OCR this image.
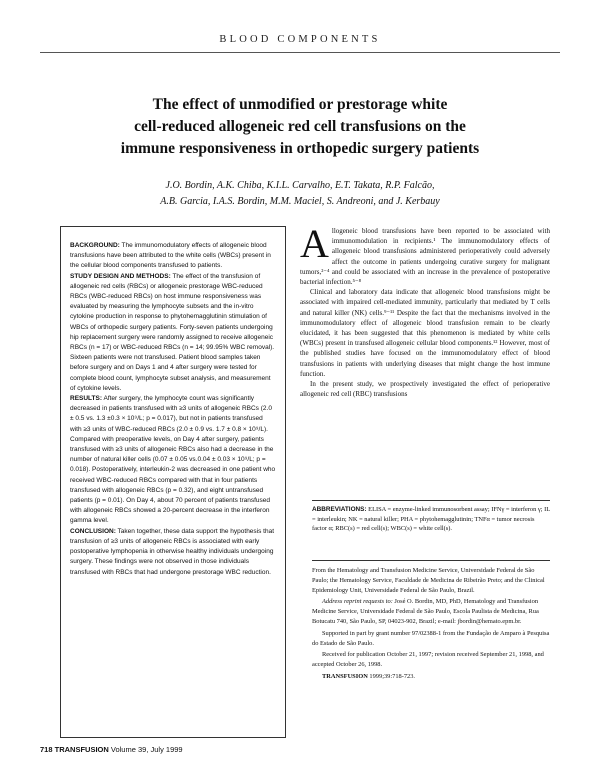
BLOOD COMPONENTS
The effect of unmodified or prestorage white
cell-reduced allogeneic red cell transfusions on the
immune responsiveness in orthopedic surgery patients
J.O. Bordin, A.K. Chiba, K.I.L. Carvalho, E.T. Takata, R.P. Falcão,
A.B. Garcia, I.A.S. Bordin, M.M. Maciel, S. Andreoni, and J. Kerbauy

BACKGROUND: The immunomodulatory effects of allogeneic blood transfusions have been attributed to the white cells (WBCs) present in the cellular blood components transfused to patients.

STUDY DESIGN AND METHODS: The effect of the transfusion of allogeneic red cells (RBCs) or allogeneic prestorage WBC-reduced RBCs (WBC-reduced RBCs) on host immune responsiveness was evaluated by measuring the lymphocyte subsets and the in-vitro cytokine production in response to phytohemagglutinin stimulation of WBCs of orthopedic surgery patients. Forty-seven patients undergoing hip replacement surgery were randomly assigned to receive allogeneic RBCs (n = 17) or WBC-reduced RBCs (n = 14; 99.95% WBC removal). Sixteen patients were not transfused. Patient blood samples taken before surgery and on Days 1 and 4 after surgery were tested for complete blood count, lymphocyte subset analysis, and measurement of cytokine levels.

RESULTS: After surgery, the lymphocyte count was significantly decreased in patients transfused with ≥3 units of allogeneic RBCs (2.0 ± 0.5 vs. 1.3 ±0.3 × 10⁹/L; p = 0.017), but not in patients transfused with ≥3 units of WBC-reduced RBCs (2.0 ± 0.9 vs. 1.7 ± 0.8 × 10⁹/L). Compared with preoperative levels, on Day 4 after surgery, patients transfused with ≥3 units of allogeneic RBCs also had a decrease in the number of natural killer cells (0.07 ± 0.05 vs.0.04 ± 0.03 × 10⁹/L; p = 0.018). Postoperatively, interleukin-2 was decreased in one patient who received WBC-reduced RBCs compared with that in four patients transfused with allogeneic RBCs (p = 0.32), and eight untransfused patients (p = 0.01). On Day 4, about 70 percent of patients transfused with allogeneic RBCs showed a 20-percent decrease in the interferon gamma level.

CONCLUSION: Taken together, these data support the hypothesis that transfusion of ≥3 units of allogeneic RBCs is associated with early postoperative lymphopenia in otherwise healthy individuals undergoing surgery. These findings were not observed in those individuals transfused with RBCs that had undergone prestorage WBC reduction.

Allogeneic blood transfusions have been reported to be associated with immunomodulation in recipients.¹ The immunomodulatory effects of allogeneic blood transfusions administered perioperatively could adversely affect the outcome in patients undergoing curative surgery for malignant tumors,²⁻⁴ and could be associated with an increase in the prevalence of postoperative bacterial infection.⁵⁻⁸

Clinical and laboratory data indicate that allogeneic blood transfusions might be associated with impaired cell-mediated immunity, particularly that mediated by T cells and natural killer (NK) cells.⁹⁻¹¹ Despite the fact that the mechanisms involved in the immunomodulatory effect of allogeneic blood transfusion remain to be clearly elucidated, it has been suggested that this phenomenon is mediated by white cells (WBCs) present in transfused allogeneic cellular blood components.¹² However, most of the published studies have focused on the immunomodulatory effect of blood transfusions in patients with underlying diseases that might change the host immune function.

In the present study, we prospectively investigated the effect of perioperative allogeneic red cell (RBC) transfusions

ABBREVIATIONS: ELISA = enzyme-linked immunosorbent assay; IFNγ = interferon γ; IL = interleukin; NK = natural killer; PHA = phytohemagglutinin; TNFα = tumor necrosis factor α; RBC(s) = red cell(s); WBC(s) = white cell(s).

From the Hematology and Transfusion Medicine Service, Universidade Federal de São Paulo; the Hematology Service, Faculdade de Medicina de Ribeirão Preto; and the Clinical Epidemiology Unit, Universidade Federal de São Paulo, Brazil.

Address reprint requests to: José O. Bordin, MD, PhD, Hematology and Transfusion Medicine Service, Universidade Federal de São Paulo, Escola Paulista de Medicina, Rua Botucatu 740, São Paulo, SP, 04023-902, Brazil; e-mail: jbordin@hemato.epm.br.

Supported in part by grant number 97/02388-1 from the Fundação de Amparo à Pesquisa do Estado de São Paulo.

Received for publication October 21, 1997; revision received September 21, 1998, and accepted October 26, 1998.

TRANSFUSION 1999;39:718-723.

718 TRANSFUSION Volume 39, July 1999
